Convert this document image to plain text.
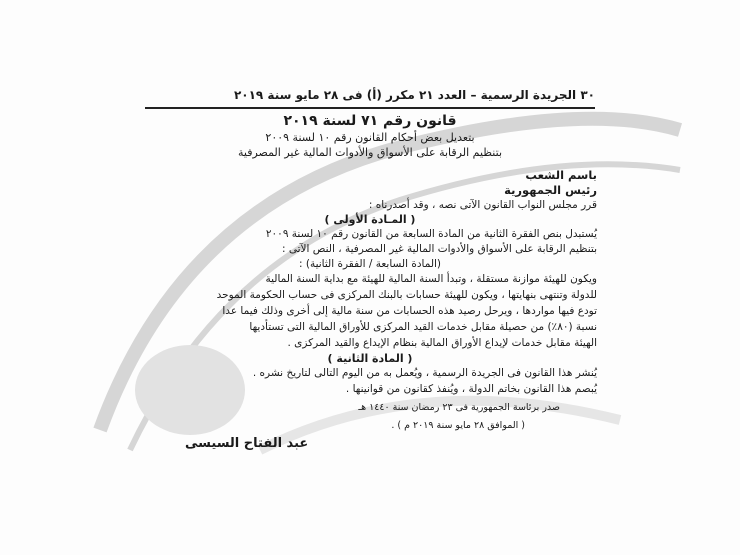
٣٠ الجريدة الرسمية – العدد ٢١ مكرر (أ) فى ٢٨ مايو سنة ٢٠١٩
قانون رقم ٧١ لسنة ٢٠١٩
بتعديل بعض أحكام القانون رقم ١٠ لسنة ٢٠٠٩
بتنظيم الرقابة على الأسواق والأدوات المالية غير المصرفية
باسم الشعب
رئيس الجمهورية
قرر مجلس النواب القانون الآتى نصه ، وقد أصدرناه :
( المـادة الأولى )
يُستبدل بنص الفقرة الثانية من المادة السابعة من القانون رقم ١٠ لسنة ٢٠٠٩
بتنظيم الرقابة على الأسواق والأدوات المالية غير المصرفية ، النص الآتى :
(المادة السابعة / الفقرة الثانية) :
ويكون للهيئة موازنة مستقلة ، وتبدأ السنة المالية للهيئة مع بداية السنة المالية
للدولة وتنتهى بنهايتها ، ويكون للهيئة حسابات بالبنك المركزى فى حساب الحكومة الموحد
تودع فيها مواردها ، ويرحل رصيد هذه الحسابات من سنة مالية إلى أخرى وذلك فيما عدا
نسبة (٨٠٪) من حصيلة مقابل خدمات القيد المركزى للأوراق المالية التى تستأديها
الهيئة مقابل خدمات لإيداع الأوراق المالية بنظام الإيداع والقيد المركزى .
( المادة الثانية )
يُنشر هذا القانون فى الجريدة الرسمية ، ويُعمل به من اليوم التالى لتاريخ نشره .
يُبصم هذا القانون بخاتم الدولة ، ويُنفذ كقانون من قوانينها .
صدر برئاسة الجمهورية فى ٢٣ رمضان سنة ١٤٤٠ هـ
( الموافق ٢٨ مايو سنة ٢٠١٩ م ) .
عبد الفتاح السيسى
